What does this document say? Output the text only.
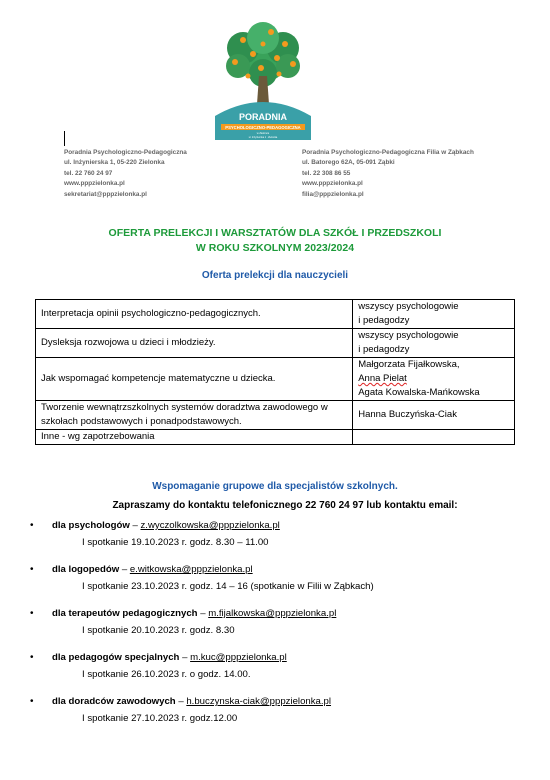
PORADNIA
PSYCHOLOGICZNO-PEDAGOGICZNA
w Zielonce
ul. Inżynierska 1 · Zielonka
Poradnia Psychologiczno-Pedagogiczna
ul. Inżynierska 1, 05-220 Zielonka
tel. 22 760 24 97
www.pppzielonka.pl
sekretariat@pppzielonka.pl
Poradnia Psychologiczno-Pedagogiczna Filia w Ząbkach
ul. Batorego 62A, 05-091 Ząbki
tel. 22 308 86 55
www.pppzielonka.pl
filia@pppzielonka.pl
OFERTA PRELEKCJI I WARSZTATÓW DLA SZKÓŁ I PRZEDSZKOLI
W ROKU SZKOLNYM 2023/2024
Oferta prelekcji dla nauczycieli
Interpretacja opinii psychologiczno-pedagogicznych.	wszyscy psychologowie
i pedagodzy

Dysleksja rozwojowa u dzieci i młodzieży.	wszyscy psychologowie
i pedagodzy

Jak wspomagać kompetencje matematyczne u dziecka.	Małgorzata Fijałkowska,
Anna Pielat
Agata Kowalska-Mańkowska

Tworzenie wewnątrzszkolnych systemów doradztwa zawodowego w szkołach podstawowych i ponadpodstawowych.	Hanna Buczyńska-Ciak

Inne - wg zapotrzebowania	
Wspomaganie grupowe dla specjalistów szkolnych.
Zapraszamy do kontaktu telefonicznego 22 760 24 97 lub kontaktu email:
• dla psychologów – z.wyczolkowska@pppzielonka.pl
I spotkanie 19.10.2023 r. godz. 8.30 – 11.00
• dla logopedów – e.witkowska@pppzielonka.pl
I spotkanie 23.10.2023 r. godz. 14 – 16 (spotkanie w Filii w Ząbkach)
• dla terapeutów pedagogicznych – m.fijalkowska@pppzielonka.pl
I spotkanie 20.10.2023 r. godz. 8.30
• dla pedagogów specjalnych – m.kuc@pppzielonka.pl
I spotkanie 26.10.2023 r. o godz. 14.00.
• dla doradców zawodowych – h.buczynska-ciak@pppzielonka.pl
I spotkanie 27.10.2023 r. godz.12.00
